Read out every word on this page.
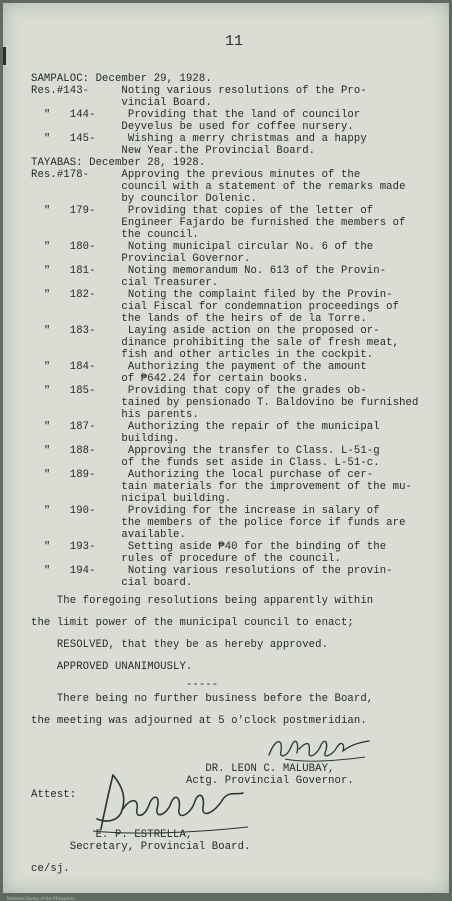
11
SAMPALOC: December 29, 1928.
Res.#143-     Noting various resolutions of the Pro-
vincial Board.
"   144-     Providing that the land of councilor
Deyvelus be used for coffee nursery.
"   145-     Wishing a merry christmas and a happy
New Year.the Provincial Board.
TAYABAS: December 28, 1928.
Res.#178-     Approving the previous minutes of the
council with a statement of the remarks made
by councilor Dolenic.
"   179-     Providing that copies of the letter of
Engineer Fajardo be furnished the members of
the council.
"   180-     Noting municipal circular No. 6 of the
Provincial Governor.
"   181-     Noting memorandum No. 613 of the Provin-
cial Treasurer.
"   182-     Noting the complaint filed by the Provin-
cial Fiscal for condemnation proceedings of
the lands of the heirs of de la Torre.
"   183-     Laying aside action on the proposed or-
dinance prohibiting the sale of fresh meat,
fish and other articles in the cockpit.
"   184-     Authorizing the payment of the amount
of ₱642.24 for certain books.
"   185-     Providing that copy of the grades ob-
tained by pensionado T. Baldovino be furnished
his parents.
"   187-     Authorizing the repair of the municipal
building.
"   188-     Approving the transfer to Class. L-51-g
of the funds set aside in Class. L-51-c.
"   189-     Authorizing the local purchase of cer-
tain materials for the improvement of the mu-
nicipal building.
"   190-     Providing for the increase in salary of
the members of the police force if funds are
available.
"   193-     Setting aside ₱40 for the binding of the
rules of procedure of the council.
"   194-     Noting various resolutions of the provin-
cial board.
The foregoing resolutions being apparently within
the limit power of the municipal council to enact;
RESOLVED, that they be as hereby approved.
APPROVED UNANIMOUSLY.
-----
There being no further business before the Board,
the meeting was adjourned at 5 o'clock postmeridian.
DR. LEON C. MALUBAY,
Actg. Provincial Governor.
Attest:
E. P. ESTRELLA,
Secretary, Provincial Board.
ce/sj.
National Library of the Philippines
